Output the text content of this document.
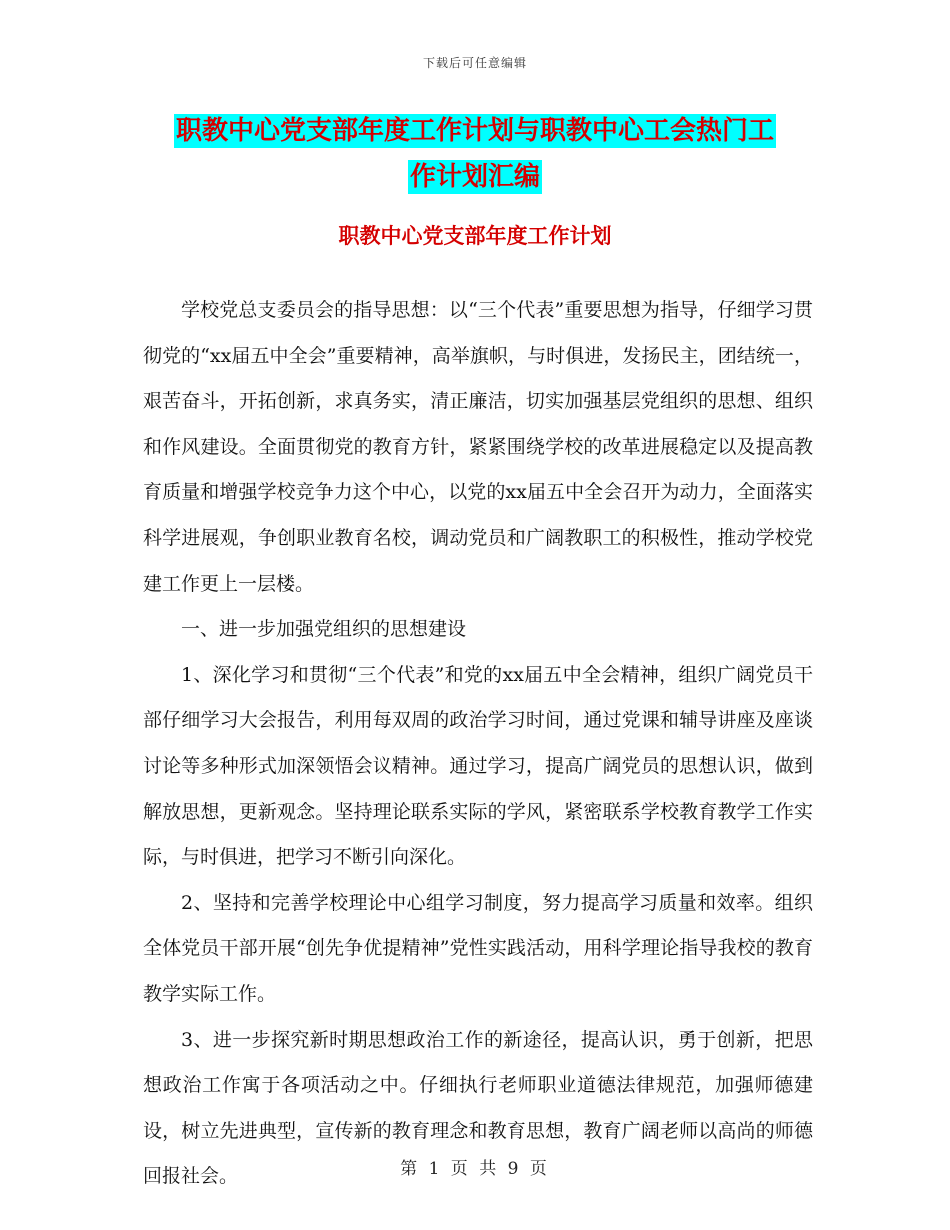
下载后可任意编辑
职教中心党支部年度工作计划与职教中心工会热门工
作计划汇编
职教中心党支部年度工作计划

学校党总支委员会的指导思想：以“三个代表”重要思想为指导，仔细学习贯彻党的“xx届五中全会”重要精神，高举旗帜，与时俱进，发扬民主，团结统一，艰苦奋斗，开拓创新，求真务实，清正廉洁，切实加强基层党组织的思想、组织和作风建设。全面贯彻党的教育方针，紧紧围绕学校的改革进展稳定以及提高教育质量和增强学校竞争力这个中心，以党的xx届五中全会召开为动力，全面落实科学进展观，争创职业教育名校，调动党员和广阔教职工的积极性，推动学校党建工作更上一层楼。

一、进一步加强党组织的思想建设

1、深化学习和贯彻“三个代表”和党的xx届五中全会精神，组织广阔党员干部仔细学习大会报告，利用每双周的政治学习时间，通过党课和辅导讲座及座谈讨论等多种形式加深领悟会议精神。通过学习，提高广阔党员的思想认识，做到解放思想，更新观念。坚持理论联系实际的学风，紧密联系学校教育教学工作实际，与时俱进，把学习不断引向深化。

2、坚持和完善学校理论中心组学习制度，努力提高学习质量和效率。组织全体党员干部开展“创先争优提精神”党性实践活动，用科学理论指导我校的教育教学实际工作。

3、进一步探究新时期思想政治工作的新途径，提高认识，勇于创新，把思想政治工作寓于各项活动之中。仔细执行老师职业道德法律规范，加强师德建设，树立先进典型，宣传新的教育理念和教育思想，教育广阔老师以高尚的师德回报社会。	第 1 页 共 9 页
